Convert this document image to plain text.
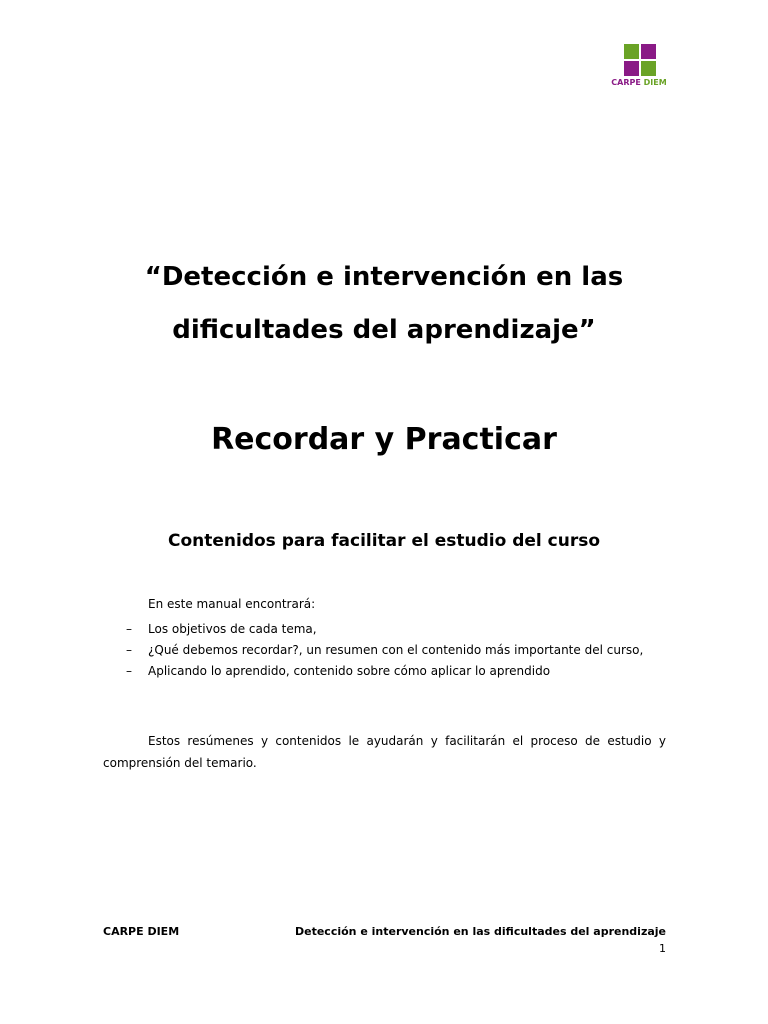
CARPE DIEM
“Detección e intervención en las
dificultades del aprendizaje”
Recordar y Practicar
Contenidos para facilitar el estudio del curso

En este manual encontrará:

– Los objetivos de cada tema,
– ¿Qué debemos recordar?, un resumen con el contenido más importante del curso,
– Aplicando lo aprendido, contenido sobre cómo aplicar lo aprendido

Estos resúmenes y contenidos le ayudarán y facilitarán el proceso de estudio y comprensión del temario.

CARPE DIEM	Detección e intervención en las dificultades del aprendizaje
1
